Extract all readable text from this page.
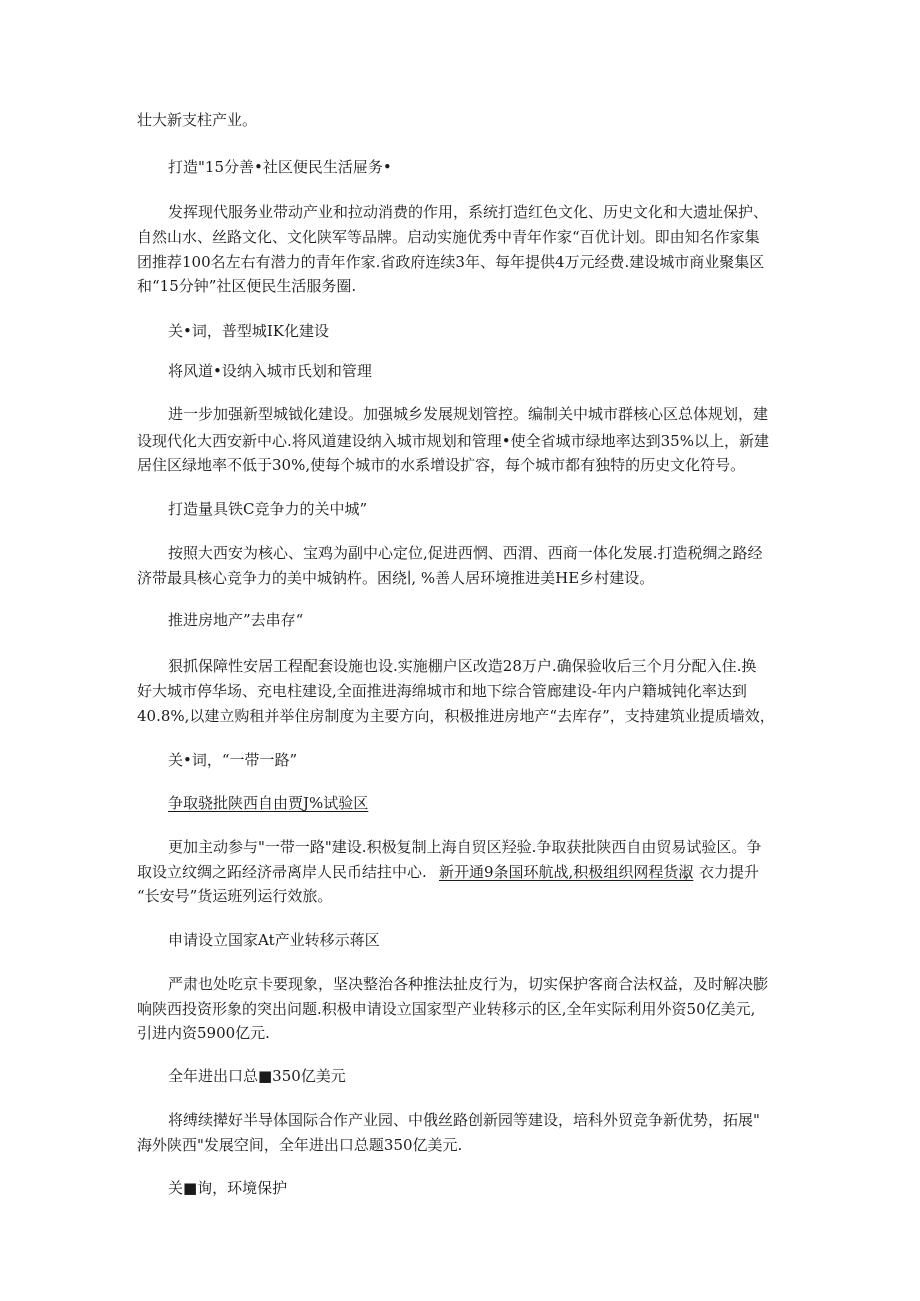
壮大新支柱产业。
打造"15分善•社区便民生活屉务•
发挥现代服务业带动产业和拉动消费的作用，系统打造红色文化、历史文化和大遗址保护、
自然山水、丝路文化、文化陕军等品牌。启动实施优秀中青年作家“百优计划。即由知名作家集
团推荐100名左右有潜力的青年作家.省政府连续3年、每年提供4万元经费.建设城市商业聚集区
和“15分钟”社区便民生活服务圈.
关•词，普型城IK化建设
将风道•设纳入城市氏划和管理
进一步加强新型城钺化建设。加强城乡发展规划管控。编制关中城市群核心区总体规划，建
设现代化大西安新中心.将风道建设纳入城市规划和管理•使全省城市绿地率达到35%以上，新建
居住区绿地率不低于30%,使每个城市的水系增设扩容，每个城市都有独特的历史文化符号。
打造量具铁C竞争力的关中城”
按照大西安为核心、宝鸡为副中心定位,促进西惘、西渭、西商一体化发展.打造税绸之路经
济带最具核心竞争力的美中城钠杵。困绕∣, %善人居环境推进美HE乡村建设。
推进房地产”去串存“
狠抓保障性安居工程配套设施也设.实施棚户区改造28万户.确保验收后三个月分配入住.换
好大城市停华场、充电柱建设,全面推进海绵城市和地下综合管廊建设-年内户籍城钝化率达到
40.8%,以建立购租并举住房制度为主要方向，积极推进房地产“去库存”，支持建筑业提质墙效，
关•词，“一带一路”
争取骁批陕西自由贾J%试验区
更加主动参与"一带一路"建设.积极复制上海自贸区羟验.争取获批陕西自由贸易试验区。争
取设立纹绸之跖经济帚离岸人民币结拄中心. 新开通9条国环航战,积极组织网程货淑
，衣力提升
“长安号”货运班列运行效旅。
申请设立国家At产业转移示蒋区
严肃也处吃京卡要现象，坚决整治各种推法扯皮行为，切实保护客商合法权益，及时解决膨
响陕西投资形象的突出问题.积极申请设立国家型产业转移示的区,全年实际利用外资50亿美元,
引进内资5900亿元.
全年进出口总■350亿美元
将缚续撵好半导体国际合作产业园、中俄丝路创新园等建设，培科外贸竞争新优势，拓展"
海外陕西"发展空间，全年进出口总题350亿美元.
关■询，环境保护
